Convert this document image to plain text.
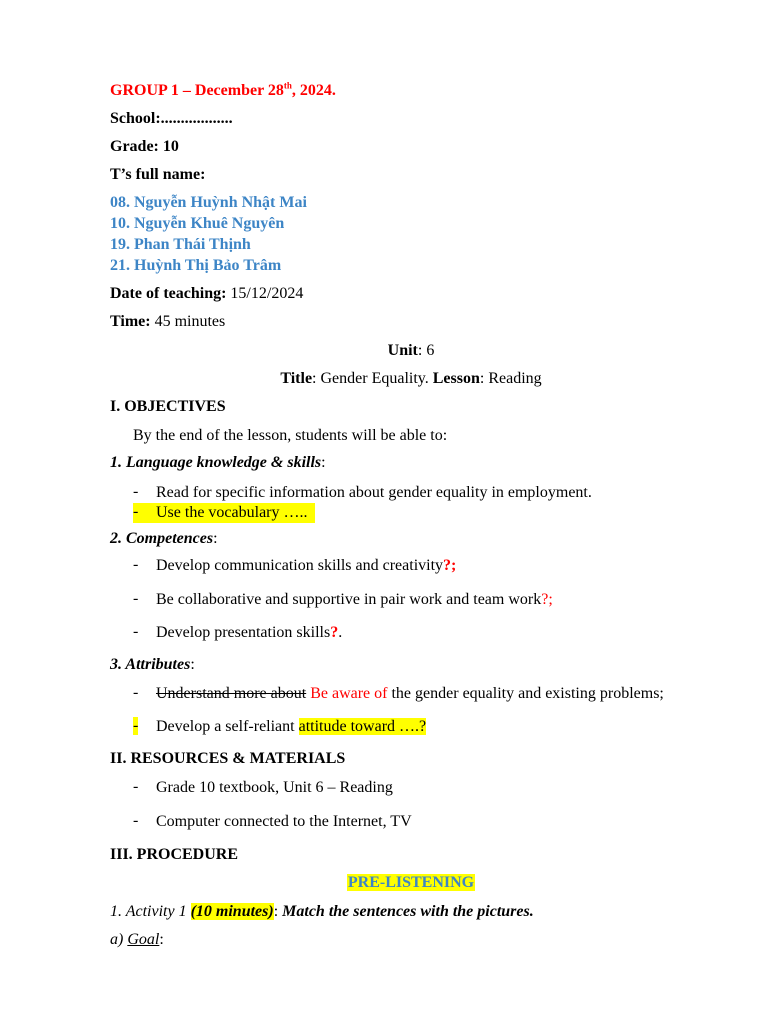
GROUP 1 – December 28th, 2024.
School:..................
Grade: 10
T’s full name:
08. Nguyễn Huỳnh Nhật Mai
10. Nguyễn Khuê Nguyên
19. Phan Thái Thịnh
21. Huỳnh Thị Bảo Trâm
Date of teaching: 15/12/2024
Time: 45 minutes
Unit: 6
Title: Gender Equality. Lesson: Reading
I. OBJECTIVES
By the end of the lesson, students will be able to:
1. Language knowledge & skills:
- Read for specific information about gender equality in employment.
- Use the vocabulary …..
2. Competences:
- Develop communication skills and creativity?;
- Be collaborative and supportive in pair work and team work?;
- Develop presentation skills?.
3. Attributes:
- Understand more about Be aware of the gender equality and existing problems;
- Develop a self-reliant attitude toward ….?
II. RESOURCES & MATERIALS
- Grade 10 textbook, Unit 6 – Reading
- Computer connected to the Internet, TV
III. PROCEDURE
PRE-LISTENING
1. Activity 1 (10 minutes): Match the sentences with the pictures.
a) Goal:
